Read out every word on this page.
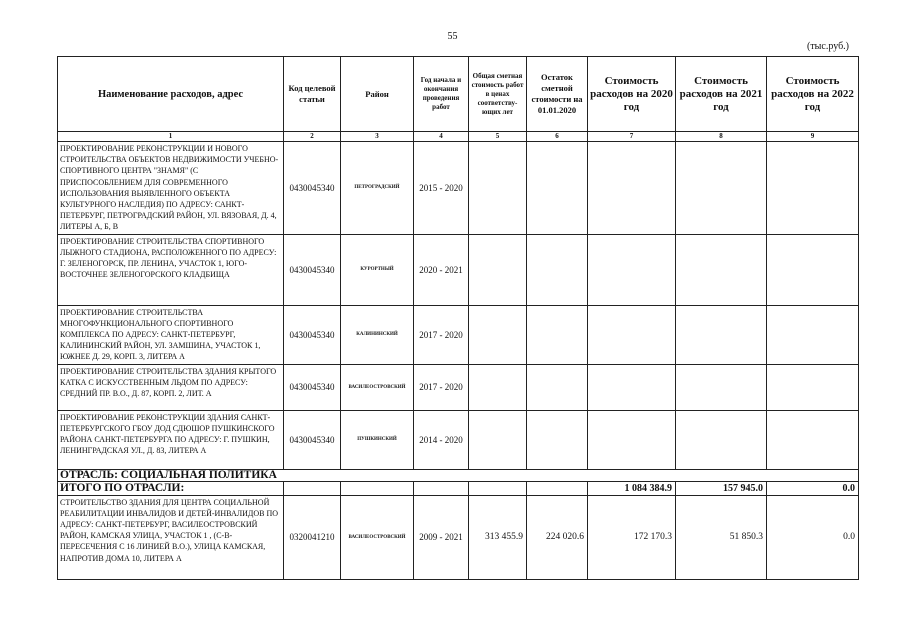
55
(тыс.руб.)
Наименование расходов, адрес	Код целевой статьи	Район	Год начала и окончания проведения работ	Общая сметная стоимость работ в ценах соответству-ющих лет	Остаток сметной стоимости на 01.01.2020	Стоимость расходов на 2020 год	Стоимость расходов на 2021 год	Стоимость расходов на 2022 год
1	2	3	4	5	6	7	8	9
ПРОЕКТИРОВАНИЕ РЕКОНСТРУКЦИИ И НОВОГО СТРОИТЕЛЬСТВА ОБЪЕКТОВ НЕДВИЖИМОСТИ УЧЕБНО-СПОРТИВНОГО ЦЕНТРА "ЗНАМЯ" (С ПРИСПОСОБЛЕНИЕМ ДЛЯ СОВРЕМЕННОГО ИСПОЛЬЗОВАНИЯ ВЫЯВЛЕННОГО ОБЪЕКТА КУЛЬТУРНОГО НАСЛЕДИЯ) ПО АДРЕСУ: САНКТ-ПЕТЕРБУРГ, ПЕТРОГРАДСКИЙ РАЙОН, УЛ. ВЯЗОВАЯ, Д. 4, ЛИТЕРЫ А, Б, В	0430045340	ПЕТРОГРАДСКИЙ	2015 - 2020					
ПРОЕКТИРОВАНИЕ СТРОИТЕЛЬСТВА СПОРТИВНОГО ЛЫЖНОГО СТАДИОНА, РАСПОЛОЖЕННОГО ПО АДРЕСУ: Г. ЗЕЛЕНОГОРСК, ПР. ЛЕНИНА, УЧАСТОК 1, ЮГО-ВОСТОЧНЕЕ ЗЕЛЕНОГОРСКОГО КЛАДБИЩА	0430045340	КУРОРТНЫЙ	2020 - 2021					
ПРОЕКТИРОВАНИЕ СТРОИТЕЛЬСТВА МНОГОФУНКЦИОНАЛЬНОГО СПОРТИВНОГО КОМПЛЕКСА ПО АДРЕСУ: САНКТ-ПЕТЕРБУРГ, КАЛИНИНСКИЙ РАЙОН, УЛ. ЗАМШИНА, УЧАСТОК 1, ЮЖНЕЕ Д. 29, КОРП. 3, ЛИТЕРА А	0430045340	КАЛИНИНСКИЙ	2017 - 2020					
ПРОЕКТИРОВАНИЕ СТРОИТЕЛЬСТВА ЗДАНИЯ КРЫТОГО КАТКА С ИСКУССТВЕННЫМ ЛЬДОМ ПО АДРЕСУ: СРЕДНИЙ ПР. В.О., Д. 87, КОРП. 2, ЛИТ. А	0430045340	ВАСИЛЕОСТРОВСКИЙ	2017 - 2020					
ПРОЕКТИРОВАНИЕ РЕКОНСТРУКЦИИ ЗДАНИЯ САНКТ-ПЕТЕРБУРГСКОГО ГБОУ ДОД СДЮШОР ПУШКИНСКОГО РАЙОНА САНКТ-ПЕТЕРБУРГА ПО АДРЕСУ: Г. ПУШКИН, ЛЕНИНГРАДСКАЯ УЛ., Д. 83, ЛИТЕРА А	0430045340	ПУШКИНСКИЙ	2014 - 2020					
ОТРАСЛЬ: СОЦИАЛЬНАЯ ПОЛИТИКА								
ИТОГО ПО ОТРАСЛИ:						1 084 384.9	157 945.0	0.0
СТРОИТЕЛЬСТВО ЗДАНИЯ ДЛЯ ЦЕНТРА СОЦИАЛЬНОЙ РЕАБИЛИТАЦИИ ИНВАЛИДОВ И ДЕТЕЙ-ИНВАЛИДОВ ПО АДРЕСУ: САНКТ-ПЕТЕРБУРГ, ВАСИЛЕОСТРОВСКИЙ РАЙОН, КАМСКАЯ УЛИЦА, УЧАСТОК 1 , (С-В-ПЕРЕСЕЧЕНИЯ С 16 ЛИНИЕЙ В.О.), УЛИЦА КАМСКАЯ, НАПРОТИВ ДОМА 10, ЛИТЕРА А	0320041210	ВАСИЛЕОСТРОВСКИЙ	2009 - 2021	313 455.9	224 020.6	172 170.3	51 850.3	0.0
